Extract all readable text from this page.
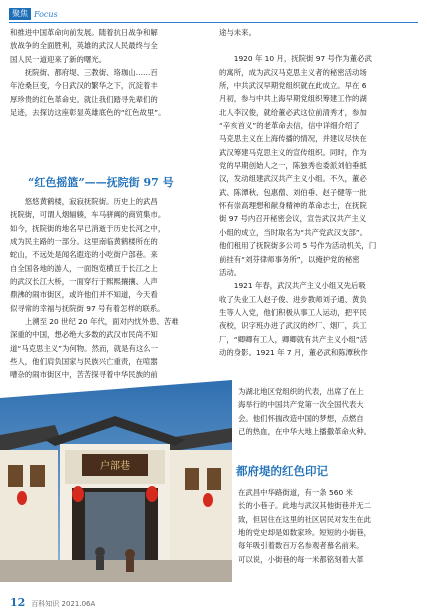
聚焦 Focus

和推进中国革命向前发展。随着抗日战争和解
放战争的全面胜利，英雄的武汉人民最终与全
国人民一道迎来了新的曙光。

　　抚院街、都府堤、三教街、珞珈山……百
年沧桑巨变，今日武汉的繁华之下，沉淀着丰
厚珍贵的红色革命史。就让我们踏寻先辈们的
足迹，去探访这座彰显英雄底色的“红色故里”。

“红色摇篮”——抚院街 97 号

　　悠悠黄鹤楼，寂寂抚院街。历史上的武昌
抚院街，可谓人烟辐辏，车马骈阗的商贸集市。
如今，抚院街的地名早已消逝于历史长河之中，
成为民主路的一部分。这里南临黄鹤楼所在的
蛇山，不远处是闻名遐迩的小吃街户部巷。来
自全国各地的游人，一面饱览横亘于长江之上
的武汉长江大桥，一面穿行于熙熙攘攘、人声
鼎沸的闹市街区，或许他们并不知道，今天看
似寻常的幸福与抚院街 97 号有着怎样的联系。
　　上溯至 20 世纪 20 年代，面对内忧外患、苦难
深重的中国，想必绝大多数的武汉市民尚不知
道“马克思主义”为何物。然而，就是有这么一
些人，他们肩负国家与民族兴亡重责，在喧嚣
嘈杂的闹市街区中，苦苦探寻着中华民族的前

途与未来。

　　1920 年 10 月，抚院街 97 号作为董必武
的寓所，成为武汉马克思主义者的秘密活动场
所，中共武汉早期党组织就在此成立。早在 6
月初，参与中共上海早期党组织筹建工作的湖
北人李汉俊，就给董必武这位前清秀才，参加
“辛亥首义”的老革命去信，信中详细介绍了
马克思主义在上海传播的情况，并建议尽快在
武汉筹建马克思主义的宣传组织。同时，作为
党的早期创始人之一，陈独秀也委派刘伯垂抵
汉，发动组建武汉共产主义小组。不久，董必
武、陈潭秋、包惠僧、刘伯垂、赵子健等一批
怀有崇高理想和献身精神的革命志士，在抚院
街 97 号内召开秘密会议，宣告武汉共产主义
小组的成立，当时取名为“共产党武汉支部”。
他们租用了抚院街多公司 5 号作为活动机关，门
前挂有“刘芬律师事务所”，以掩护党的秘密
活动。

　　1921 年春，武汉共产主义小组又先后吸
收了失业工人赵子俊、进步教师刘子通、黄负
生等人入党，他们积极从事工人运动，把平民
夜校，识字班办进了武汉的纱厂、烟厂，兵工
厂，“卿卿有工人，卿卿就有共产主义小组”活
动的身影。1921 年 7 月，董必武和陈潭秋作

为湖北地区党组织的代表，出席了在上
海举行的中国共产党第一次全国代表大
会。他们怀揣改造中国的梦想，点燃自
己的热血，在中华大地上播撒革命火种。

都府堤的红色印记

在武昌中华路街道，有一条 560 米
长的小巷子。此地与武汉其他街巷并无二
致，但居住在这里的社区居民对发生在此
地的党史却是如数家珍。短短的小街巷，
每年吸引着数百万名参观者慕名前来。
可以说，小街巷的每一米都铭刻着大革

户部巷
12 百科知识 2021.06A
